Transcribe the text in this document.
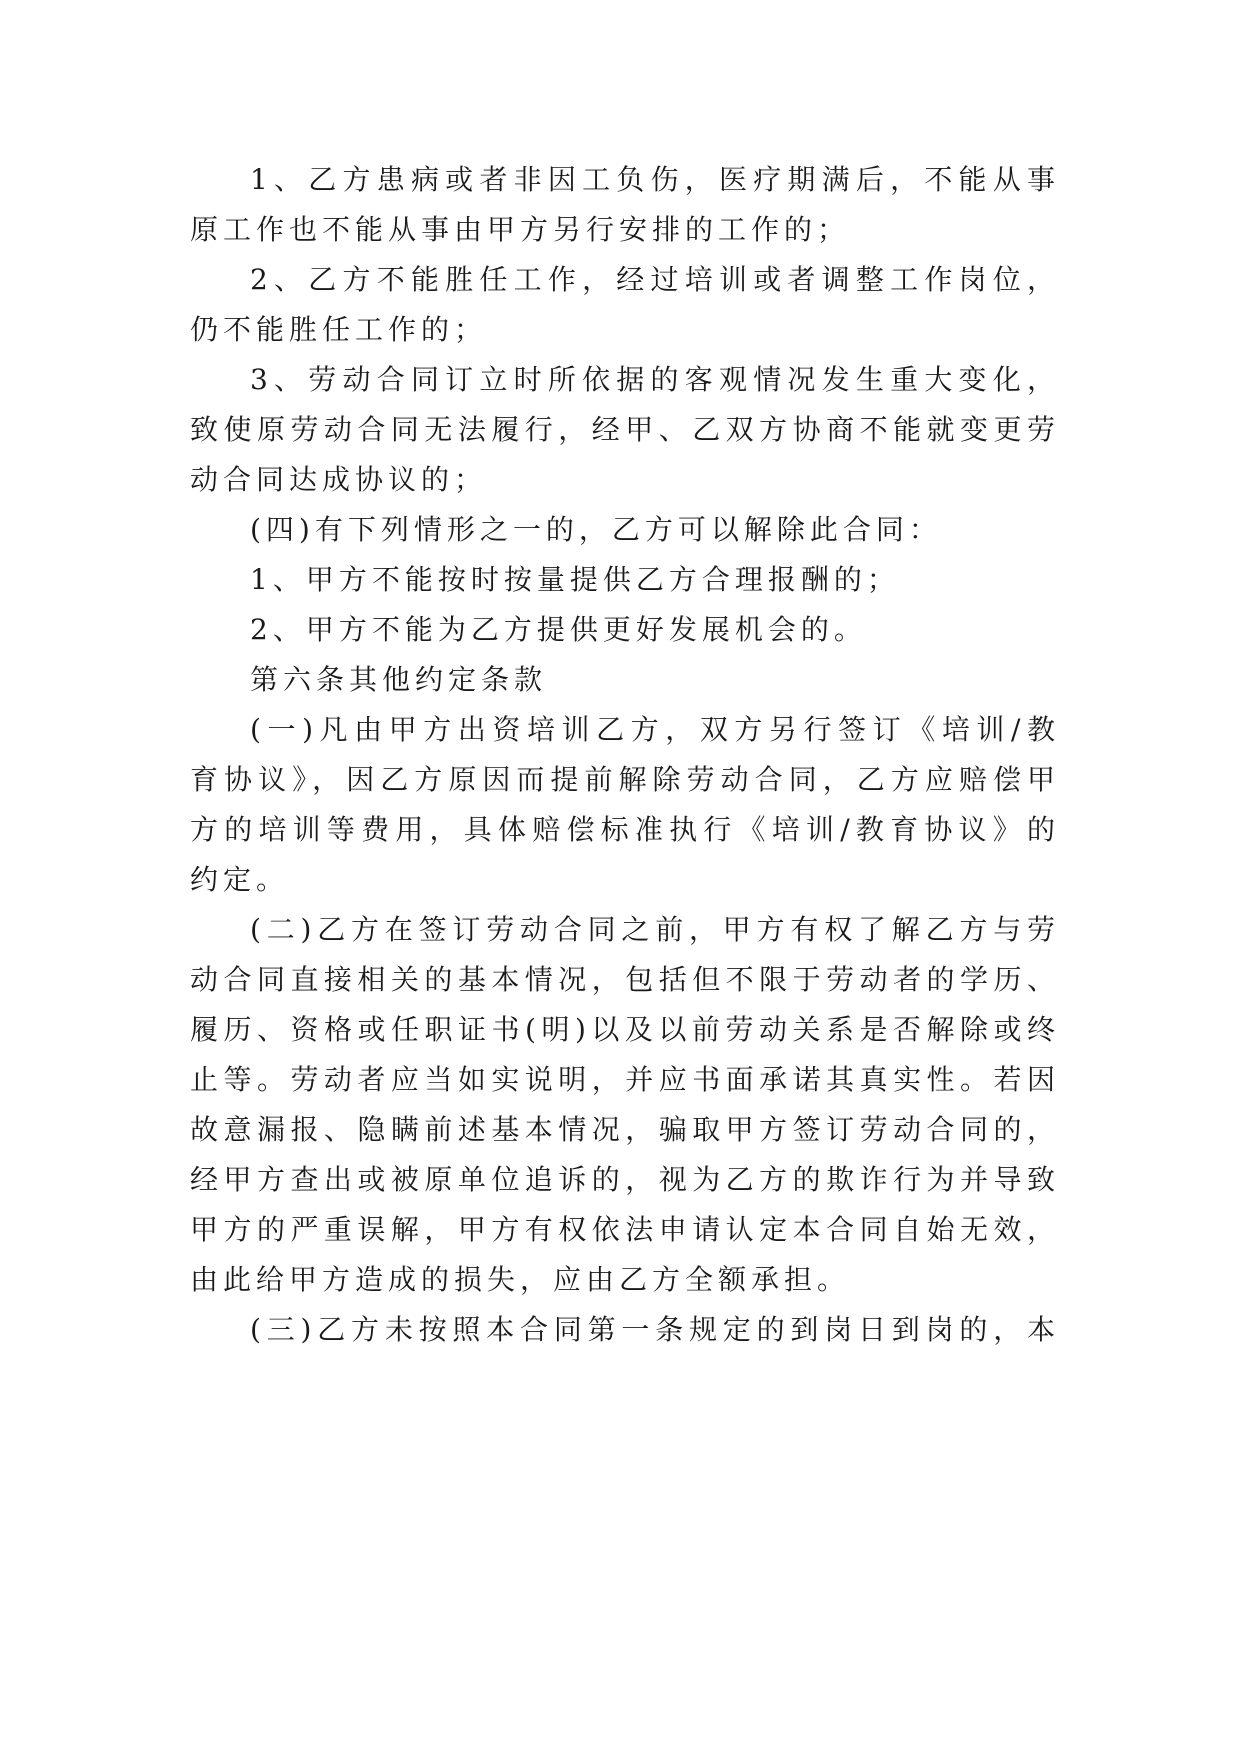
1、乙方患病或者非因工负伤，医疗期满后，不能从事
原工作也不能从事由甲方另行安排的工作的；
2、乙方不能胜任工作，经过培训或者调整工作岗位，
仍不能胜任工作的；
3、劳动合同订立时所依据的客观情况发生重大变化，
致使原劳动合同无法履行，经甲、乙双方协商不能就变更劳
动合同达成协议的；
(四)有下列情形之一的，乙方可以解除此合同：
1、甲方不能按时按量提供乙方合理报酬的；
2、甲方不能为乙方提供更好发展机会的。
第六条其他约定条款
(一)凡由甲方出资培训乙方，双方另行签订《培训/教
育协议》，因乙方原因而提前解除劳动合同，乙方应赔偿甲
方的培训等费用，具体赔偿标准执行《培训/教育协议》的
约定。
(二)乙方在签订劳动合同之前，甲方有权了解乙方与劳
动合同直接相关的基本情况，包括但不限于劳动者的学历、
履历、资格或任职证书(明)以及以前劳动关系是否解除或终
止等。劳动者应当如实说明，并应书面承诺其真实性。若因
故意漏报、隐瞒前述基本情况，骗取甲方签订劳动合同的，
经甲方查出或被原单位追诉的，视为乙方的欺诈行为并导致
甲方的严重误解，甲方有权依法申请认定本合同自始无效，
由此给甲方造成的损失，应由乙方全额承担。
(三)乙方未按照本合同第一条规定的到岗日到岗的，本
